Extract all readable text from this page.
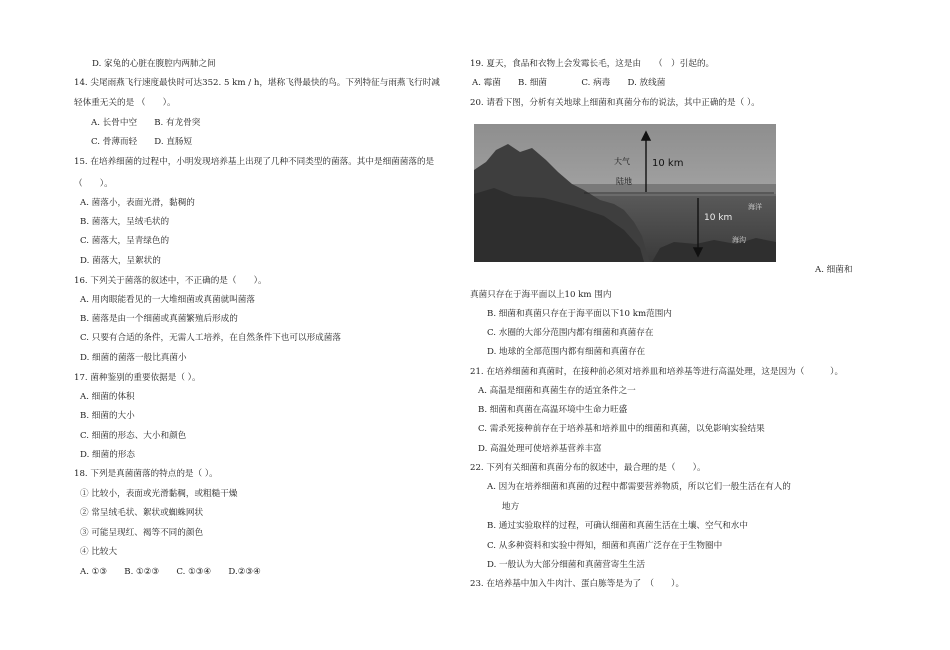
D. 家兔的心脏在腹腔内两肺之间
14. 尖尾雨燕飞行速度最快时可达352. 5 km / h，堪称飞得最快的鸟。下列特征与雨燕飞行时减
轻体重无关的是 （　　）。
A. 长骨中空　　B. 有龙骨突
C. 骨薄而轻　　D. 直肠短
15. 在培养细菌的过程中，小明发现培养基上出现了几种不同类型的菌落。其中是细菌菌落的是
（　　）。
A. 菌落小，表面光滑，黏稠的
B. 菌落大，呈绒毛状的
C. 菌落大，呈青绿色的
D. 菌落大，呈絮状的
16. 下列关于菌落的叙述中，不正确的是（　　）。
A. 用肉眼能看见的一大堆细菌或真菌就叫菌落
B. 菌落是由一个细菌或真菌繁殖后形成的
C. 只要有合适的条件，无需人工培养，在自然条件下也可以形成菌落
D. 细菌的菌落一般比真菌小
17. 菌种鉴别的重要依据是（ ）。
A. 细菌的体积
B. 细菌的大小
C. 细菌的形态、大小和颜色
D. 细菌的形态
18. 下列是真菌菌落的特点的是（ ）。
① 比较小，表面或光滑黏稠，或粗糙干燥
② 常呈绒毛状、絮状或蜘蛛网状
③ 可能呈现红、褐等不同的颜色
④ 比较大
A. ①③　　B. ①②③　　C. ①③④　　D.②③④
19. 夏天，食品和衣物上会发霉长毛，这是由　　（　）引起的。
A. 霉菌　　B. 细菌　　　　C. 病毒　　D. 放线菌
20. 请看下图，分析有关地球上细菌和真菌分布的说法，其中正确的是（ ）。
大气 10 km
陆地
10 km
海洋
海沟
A. 细菌和
真菌只存在于海平面以上10 km 围内
B. 细菌和真菌只存在于海平面以下10 km范围内
C. 水圈的大部分范围内都有细菌和真菌存在
D. 地球的全部范围内都有细菌和真菌存在
21. 在培养细菌和真菌时，在接种前必须对培养皿和培养基等进行高温处理，这是因为（　　　）。
A. 高温是细菌和真菌生存的适宜条件之一
B. 细菌和真菌在高温环境中生命力旺盛
C. 需杀死接种前存在于培养基和培养皿中的细菌和真菌，以免影响实验结果
D. 高温处理可使培养基营养丰富
22. 下列有关细菌和真菌分布的叙述中，最合理的是（　　）。
A. 因为在培养细菌和真菌的过程中都需要营养物质，所以它们一般生活在有人的
地方
B. 通过实验取样的过程，可确认细菌和真菌生活在土壤、空气和水中
C. 从多种资料和实验中得知，细菌和真菌广泛存在于生物圈中
D. 一般认为大部分细菌和真菌营寄生生活
23. 在培养基中加入牛肉汁、蛋白胨等是为了　（　　）。
